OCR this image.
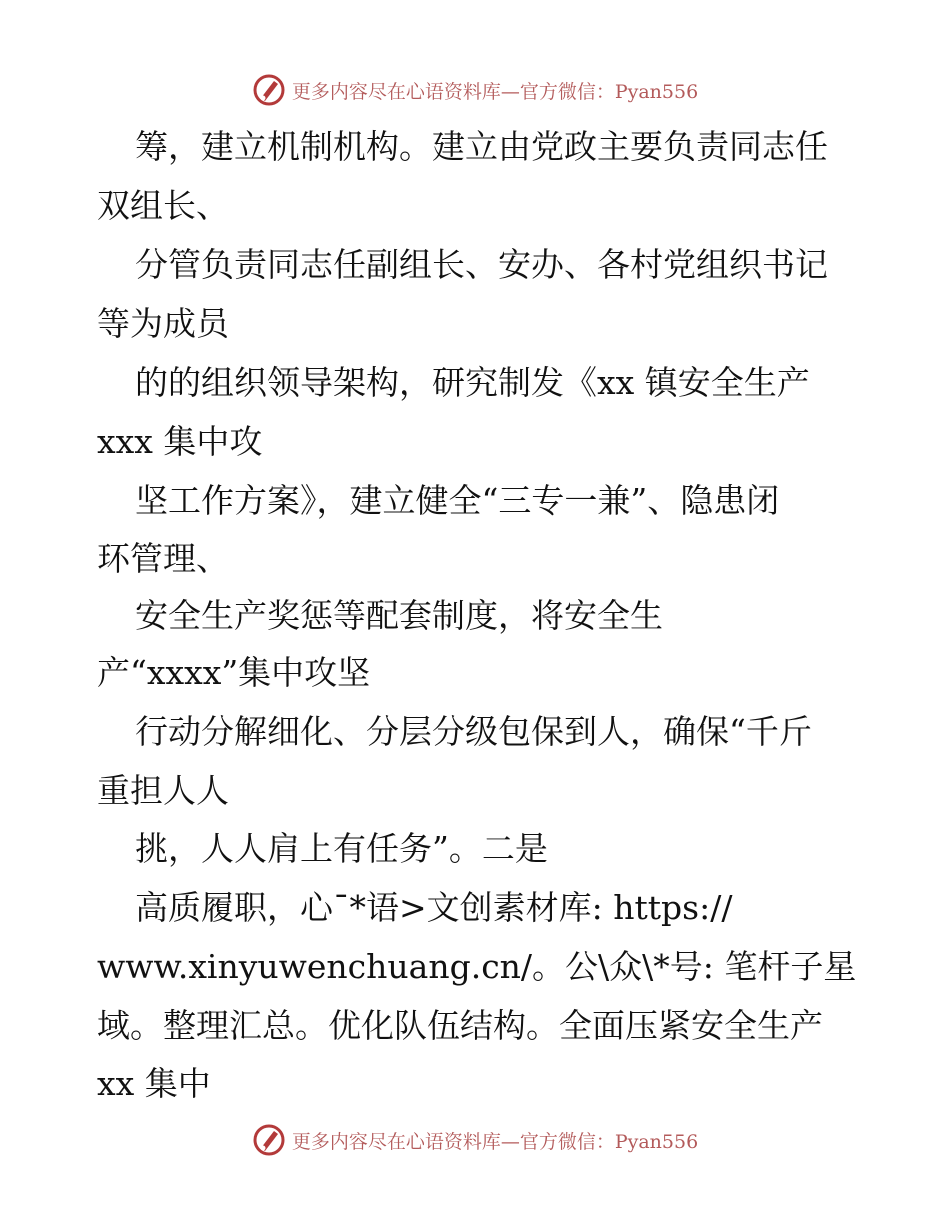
更多内容尽在心语资料库—官方微信：Pyan556
筹，建立机制机构。建立由党政主要负责同志任
双组长、
分管负责同志任副组长、安办、各村党组织书记
等为成员
的的组织领导架构，研究制发《xx 镇安全生产
xxx 集中攻
坚工作方案》，建立健全“三专一兼”、隐患闭
环管理、
安全生产奖惩等配套制度，将安全生
产“xxxx”集中攻坚
行动分解细化、分层分级包保到人，确保“千斤
重担人人
挑，人人肩上有任务”。二是
高质履职，心¯*语>文创素材库: https://
www.xinyuwenchuang.cn/。公\众\*号: 笔杆子星
域。整理汇总。优化队伍结构。全面压紧安全生产
xx 集中
更多内容尽在心语资料库—官方微信：Pyan556
